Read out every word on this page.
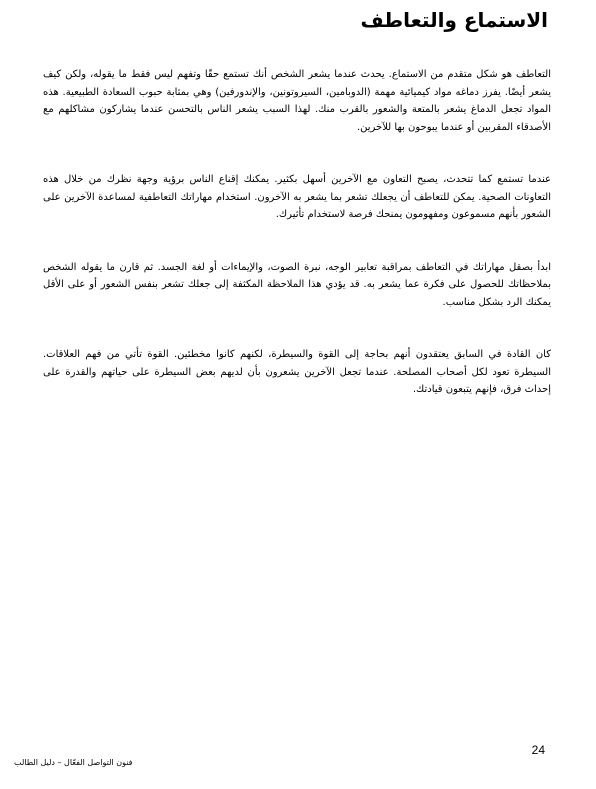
الاستماع والتعاطف

التعاطف هو شكل متقدم من الاستماع. يحدث عندما يشعر الشخص أنك تستمع حقًا وتفهم ليس فقط ما يقوله، ولكن كيف يشعر أيضًا. يفرز دماغه مواد كيميائية مهمة (الدوبامين، السيروتونين، والإندورفين) وهي بمثابة حبوب السعادة الطبيعية. هذه المواد تجعل الدماغ يشعر بالمتعة والشعور بالقرب منك. لهذا السبب يشعر الناس بالتحسن عندما يشاركون مشاكلهم مع الأصدقاء المقربين أو عندما يبوحون بها للآخرين.

عندما تستمع كما تتحدث، يصبح التعاون مع الآخرين أسهل بكثير. يمكنك إقناع الناس برؤية وجهة نظرك من خلال هذه التعاونات الصحية. يمكن للتعاطف أن يجعلك تشعر بما يشعر به الآخرون. استخدام مهاراتك التعاطفية لمساعدة الآخرين على الشعور بأنهم مسموعون ومفهومون يمنحك فرصة لاستخدام تأثيرك.

ابدأ بصقل مهاراتك في التعاطف بمراقبة تعابير الوجه، نبرة الصوت، والإيماءات أو لغة الجسد. ثم قارن ما يقوله الشخص بملاحظاتك للحصول على فكرة عما يشعر به. قد يؤدي هذا الملاحظة المكثفة إلى جعلك تشعر بنفس الشعور أو على الأقل يمكنك الرد بشكل مناسب.

كان القادة في السابق يعتقدون أنهم بحاجة إلى القوة والسيطرة، لكنهم كانوا مخطئين. القوة تأتي من فهم العلاقات. السيطرة تعود لكل أصحاب المصلحة. عندما تجعل الآخرين يشعرون بأن لديهم بعض السيطرة على حياتهم والقدرة على إحداث فرق، فإنهم يتبعون قيادتك.

24
فنون التواصل الفعّال – دليل الطالب
